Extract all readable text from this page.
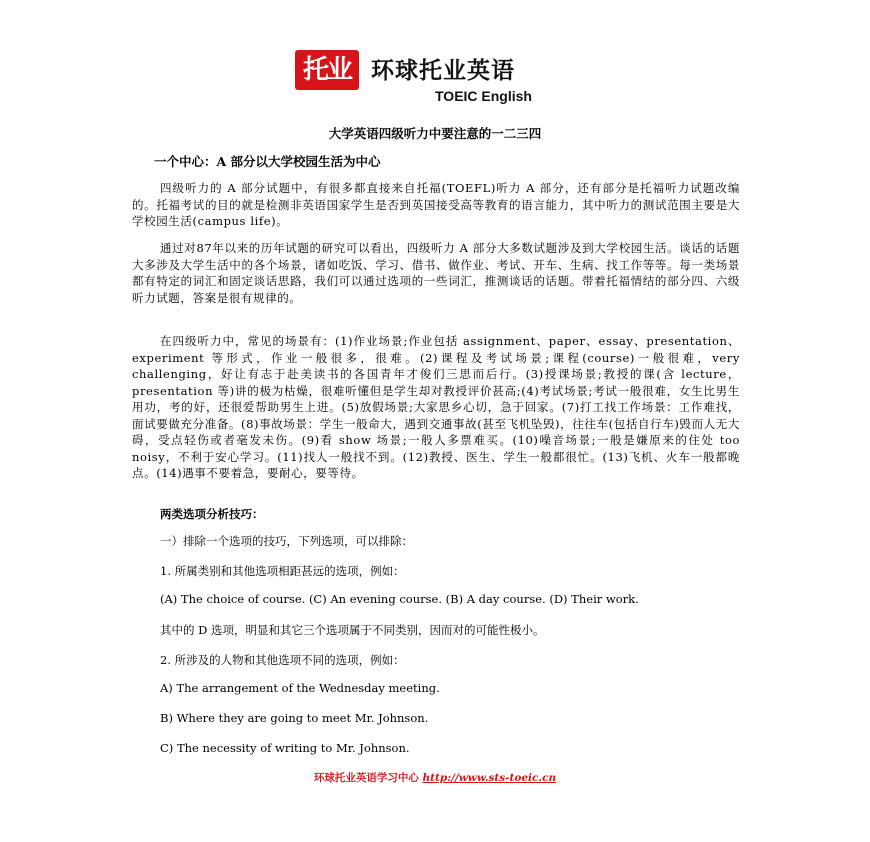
托业 环球托业英语
TOEIC English
大学英语四级听力中要注意的一二三四
一个中心：A 部分以大学校园生活为中心
四级听力的 A 部分试题中，有很多都直接来自托福(TOEFL)听力 A 部分，还有部分是托福听力试题改编的。托福考试的目的就是检测非英语国家学生是否到英国接受高等教育的语言能力，其中听力的测试范围主要是大学校园生活(campus life)。
通过对87年以来的历年试题的研究可以看出，四级听力 A 部分大多数试题涉及到大学校园生活。谈话的话题大多涉及大学生活中的各个场景，诸如吃饭、学习、借书、做作业、考试、开车、生病、找工作等等。每一类场景都有特定的词汇和固定谈话思路，我们可以通过选项的一些词汇，推测谈话的话题。带着托福情结的部分四、六级听力试题，答案是很有规律的。
在四级听力中，常见的场景有：(1)作业场景;作业包括 assignment、paper、essay、presentation、experiment 等形式，作业一般很多，很难。(2)课程及考试场景;课程(course)一般很难，very challenging，好让有志于赴美读书的各国青年才俊们三思而后行。(3)授课场景;教授的课(含 lecture，presentation 等)讲的极为枯燥，很难听懂但是学生却对教授评价甚高;(4)考试场景;考试一般很难，女生比男生用功，考的好，还很爱帮助男生上进。(5)放假场景;大家思乡心切，急于回家。(7)打工找工作场景：工作难找，面试要做充分准备。(8)事故场景：学生一般命大，遇到交通事故(甚至飞机坠毁)，往往车(包括自行车)毁而人无大碍，受点轻伤或者毫发未伤。(9)看 show 场景;一般人多票难买。(10)噪音场景;一般是嫌原来的住处 too noisy，不利于安心学习。(11)找人一般找不到。(12)教授、医生、学生一般都很忙。(13)飞机、火车一般都晚点。(14)遇事不要着急，要耐心，要等待。
两类选项分析技巧：
一）排除一个选项的技巧，下列选项，可以排除：
1. 所属类别和其他选项相距甚远的选项，例如：
(A) The choice of course. (C) An evening course. (B) A day course. (D) Their work.
其中的 D 选项，明显和其它三个选项属于不同类别，因而对的可能性极小。
2. 所涉及的人物和其他选项不同的选项，例如：
A) The arrangement of the Wednesday meeting.
B) Where they are going to meet Mr. Johnson.
C) The necessity of writing to Mr. Johnson.
环球托业英语学习中心 http://www.sts-toeic.cn
